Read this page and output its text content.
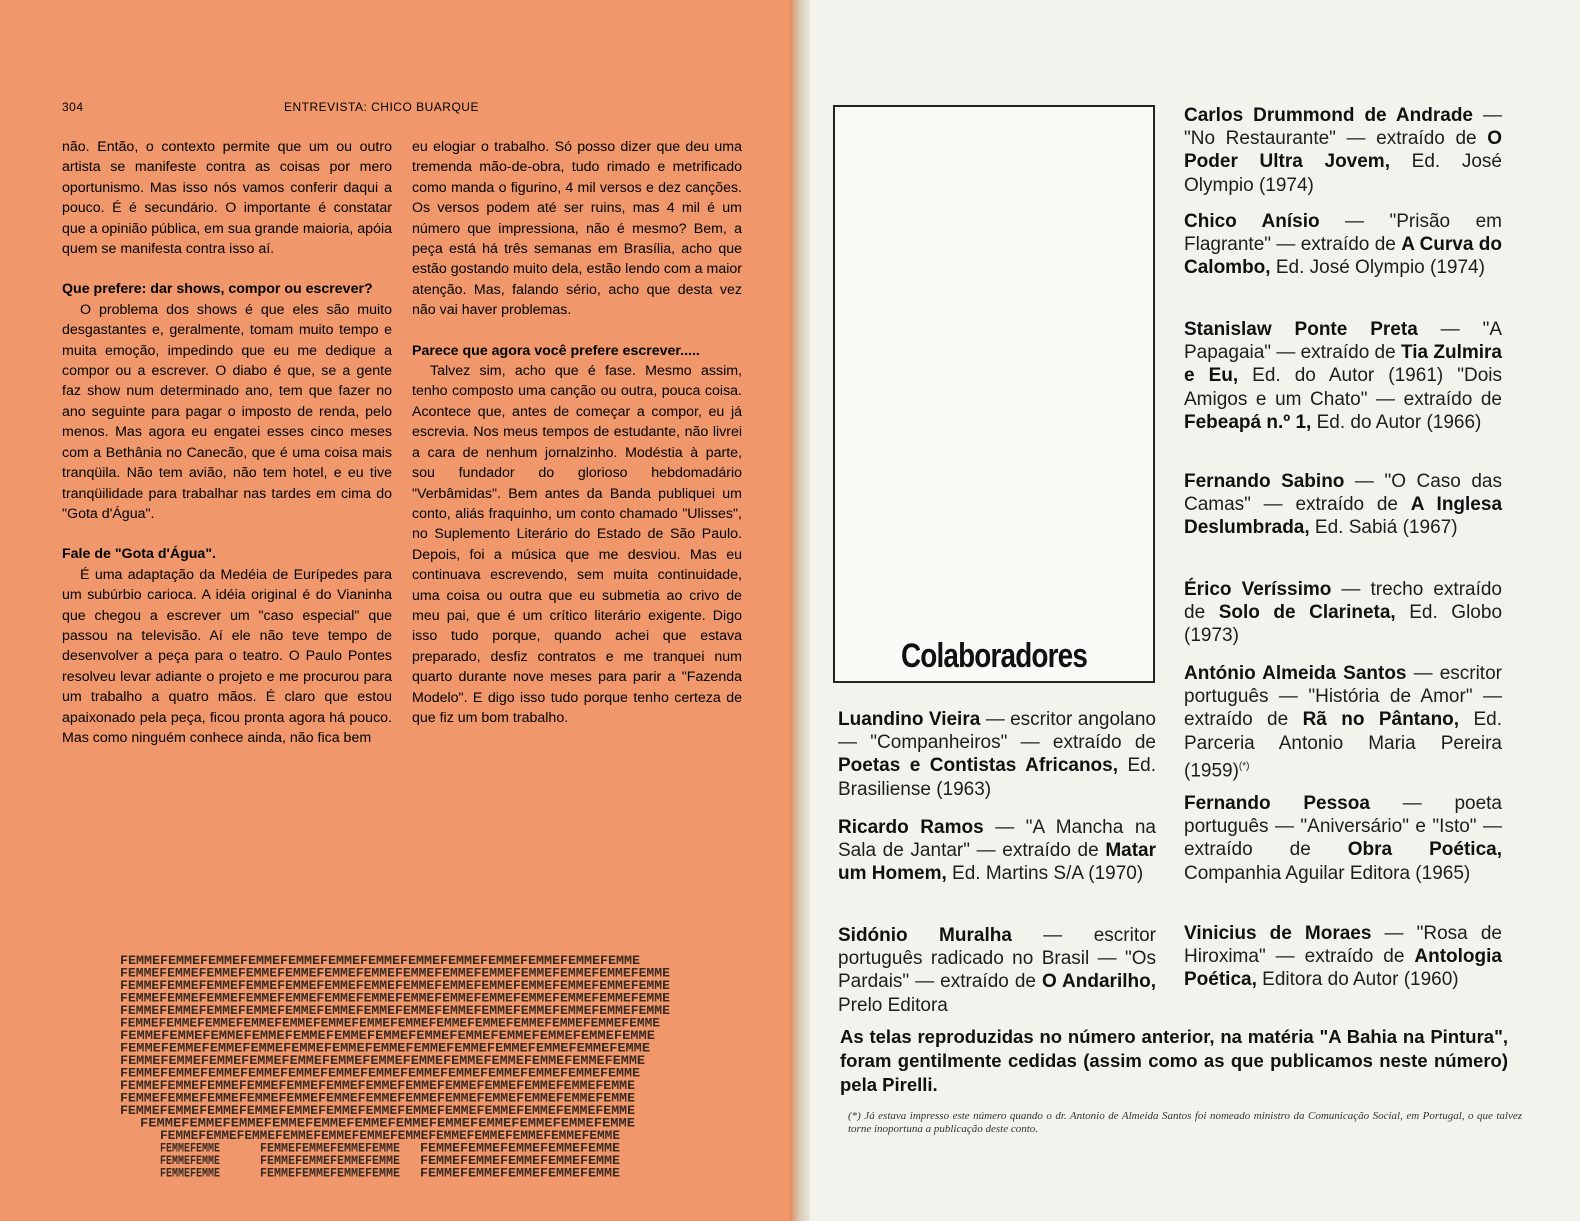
304	ENTREVISTA: CHICO BUARQUE

não. Então, o contexto permite que um ou outro artista se manifeste contra as coisas por mero oportunismo. Mas isso nós vamos conferir daqui a pouco. É é secundário. O importante é constatar que a opinião pública, em sua grande maioria, apóia quem se manifesta contra isso aí.

Que prefere: dar shows, compor ou escrever?

O problema dos shows é que eles são muito desgastantes e, geralmente, tomam muito tempo e muita emoção, impedindo que eu me dedique a compor ou a escrever. O diabo é que, se a gente faz show num determinado ano, tem que fazer no ano seguinte para pagar o imposto de renda, pelo menos. Mas agora eu engatei esses cinco meses com a Bethânia no Canecão, que é uma coisa mais tranqüila. Não tem avião, não tem hotel, e eu tive tranqüilidade para trabalhar nas tardes em cima do "Gota d'Água".

Fale de "Gota d'Água".

É uma adaptação da Medéia de Eurípedes para um subúrbio carioca. A idéia original é do Vianinha que chegou a escrever um "caso especial" que passou na televisão. Aí ele não teve tempo de desenvolver a peça para o teatro. O Paulo Pontes resolveu levar adiante o projeto e me procurou para um trabalho a quatro mãos. É claro que estou apaixonado pela peça, ficou pronta agora há pouco. Mas como ninguém conhece ainda, não fica bem

eu elogiar o trabalho. Só posso dizer que deu uma tremenda mão-de-obra, tudo rimado e metrificado como manda o figurino, 4 mil versos e dez canções. Os versos podem até ser ruins, mas 4 mil é um número que impressiona, não é mesmo? Bem, a peça está há três semanas em Brasília, acho que estão gostando muito dela, estão lendo com a maior atenção. Mas, falando sério, acho que desta vez não vai haver problemas.

Parece que agora você prefere escrever.....

Talvez sim, acho que é fase. Mesmo assim, tenho composto uma canção ou outra, pouca coisa. Acontece que, antes de começar a compor, eu já escrevia. Nos meus tempos de estudante, não livrei a cara de nenhum jornalzinho. Modéstia à parte, sou fundador do glorioso hebdomadário "Verbâmidas". Bem antes da Banda publiquei um conto, aliás fraquinho, um conto chamado "Ulisses", no Suplemento Literário do Estado de São Paulo. Depois, foi a música que me desviou. Mas eu continuava escrevendo, sem muita continuidade, uma coisa ou outra que eu submetia ao crivo de meu pai, que é um crítico literário exigente. Digo isso tudo porque, quando achei que estava preparado, desfiz contratos e me tranquei num quarto durante nove meses para parir a "Fazenda Modelo". E digo isso tudo porque tenho certeza de que fiz um bom trabalho.

FEMMEFEMMEFEMMEFEMMEFEMMEFEMMEFEMMEFEMMEFEMMEFEMMEFEMMEFEMMEFEMME
FEMMEFEMMEFEMMEFEMMEFEMMEFEMMEFEMMEFEMMEFEMMEFEMMEFEMMEFEMMEFEMMEFEMME
FEMMEFEMMEFEMMEFEMMEFEMMEFEMMEFEMMEFEMMEFEMMEFEMMEFEMMEFEMMEFEMMEFEMME
FEMMEFEMMEFEMMEFEMMEFEMMEFEMMEFEMMEFEMMEFEMMEFEMMEFEMMEFEMMEFEMMEFEMME
FEMMEFEMMEFEMMEFEMMEFEMMEFEMMEFEMMEFEMMEFEMMEFEMMEFEMMEFEMMEFEMMEFEMME
FEMMEFEMMEFEMMEFEMMEFEMMEFEMMEFEMMEFEMMEFEMMEFEMMEFEMMEFEMMEFEMMEFEMME
FEMMEFEMMEFEMMEFEMMEFEMMEFEMMEFEMMEFEMMEFEMMEFEMMEFEMMEFEMMEFEMME
FEMMEFEMMEFEMMEFEMMEFEMMEFEMMEFEMMEFEMMEFEMMEFEMMEFEMMEFEMMEFEMME
FEMMEFEMMEFEMMEFEMMEFEMMEFEMMEFEMMEFEMMEFEMMEFEMMEFEMMEFEMMEFEMME
FEMMEFEMMEFEMMEFEMMEFEMMEFEMMEFEMMEFEMMEFEMMEFEMMEFEMMEFEMMEFEMME
FEMMEFEMMEFEMMEFEMMEFEMMEFEMMEFEMMEFEMMEFEMMEFEMMEFEMMEFEMMEFEMME
FEMMEFEMMEFEMMEFEMMEFEMMEFEMMEFEMMEFEMMEFEMMEFEMMEFEMMEFEMMEFEMME
FEMMEFEMMEFEMMEFEMMEFEMMEFEMMEFEMMEFEMMEFEMMEFEMMEFEMMEFEMMEFEMME
FEMMEFEMMEFEMMEFEMMEFEMMEFEMMEFEMMEFEMMEFEMMEFEMMEFEMMEFEMME
FEMMEFEMMEFEMMEFEMMEFEMMEFEMMEFEMMEFEMMEFEMMEFEMMEFEMMEFEMME
FEMMEFEMME	FEMMEFEMMEFEMMEFEMME FEMMEFEMMEFEMMEFEMMEFEMME
FEMMEFEMME	FEMMEFEMMEFEMMEFEMME FEMMEFEMMEFEMMEFEMMEFEMME
FEMMEFEMME	FEMMEFEMMEFEMMEFEMME FEMMEFEMMEFEMMEFEMMEFEMME
Colaboradores
Luandino Vieira — escritor angolano — "Companheiros" — extraído de Poetas e Contistas Africanos, Ed. Brasiliense (1963)
Ricardo Ramos — "A Mancha na Sala de Jantar" — extraído de Matar um Homem, Ed. Martins S/A (1970)
Sidónio Muralha — escritor português radicado no Brasil — "Os Pardais" — extraído de O Andarilho, Prelo Editora
Carlos Drummond de Andrade — "No Restaurante" — extraído de O Poder Ultra Jovem, Ed. José Olympio (1974)
Chico Anísio — "Prisão em Flagrante" — extraído de A Curva do Calombo, Ed. José Olympio (1974)
Stanislaw Ponte Preta — "A Papagaia" — extraído de Tia Zulmira e Eu, Ed. do Autor (1961) "Dois Amigos e um Chato" — extraído de Febeapá n.º 1, Ed. do Autor (1966)
Fernando Sabino — "O Caso das Camas" — extraído de A Inglesa Deslumbrada, Ed. Sabiá (1967)
Érico Veríssimo — trecho extraído de Solo de Clarineta, Ed. Globo (1973)
António Almeida Santos — escritor português — "História de Amor" — extraído de Rã no Pântano, Ed. Parceria Antonio Maria Pereira (1959)(*)
Fernando Pessoa — poeta português — "Aniversário" e "Isto" — extraído de Obra Poética, Companhia Aguilar Editora (1965)
Vinicius de Moraes — "Rosa de Hiroxima" — extraído de Antologia Poética, Editora do Autor (1960)
As telas reproduzidas no número anterior, na matéria "A Bahia na Pintura", foram gentilmente cedidas (assim como as que publicamos neste número) pela Pirelli.
(*) Já estava impresso este número quando o dr. Antonio de Almeida Santos foi nomeado ministro da Comunicação Social, em Portugal, o que talvez torne inoportuna a publicação deste conto.
